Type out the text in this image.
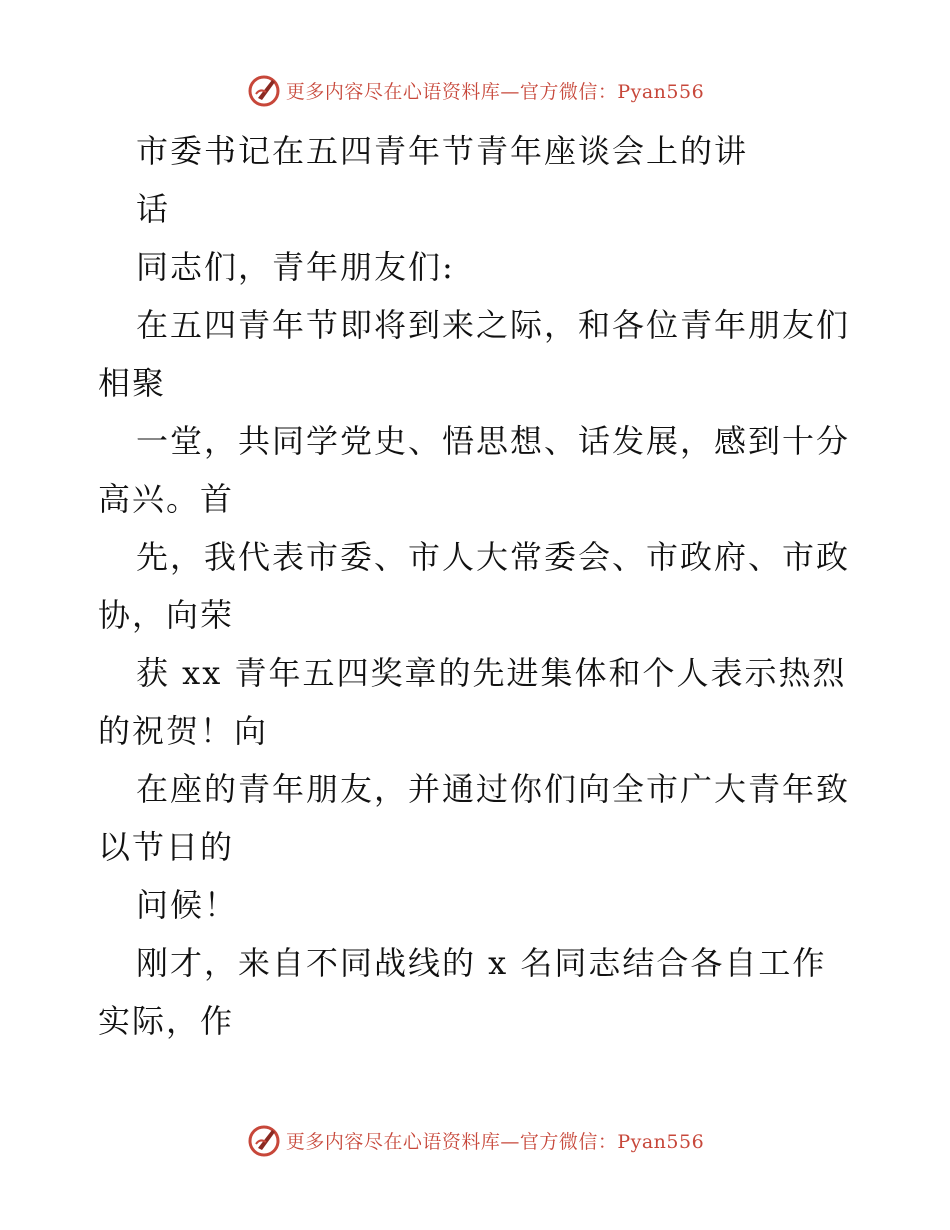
更多内容尽在心语资料库—官方微信：Pyan556
市委书记在五四青年节青年座谈会上的讲
话
同志们，青年朋友们:
在五四青年节即将到来之际，和各位青年朋友们
相聚
一堂，共同学党史、悟思想、话发展，感到十分
高兴。首
先，我代表市委、市人大常委会、市政府、市政
协，向荣
获 xx 青年五四奖章的先进集体和个人表示热烈
的祝贺！向
在座的青年朋友，并通过你们向全市广大青年致
以节日的
问候！
刚才，来自不同战线的 x 名同志结合各自工作
实际，作
更多内容尽在心语资料库—官方微信：Pyan556
